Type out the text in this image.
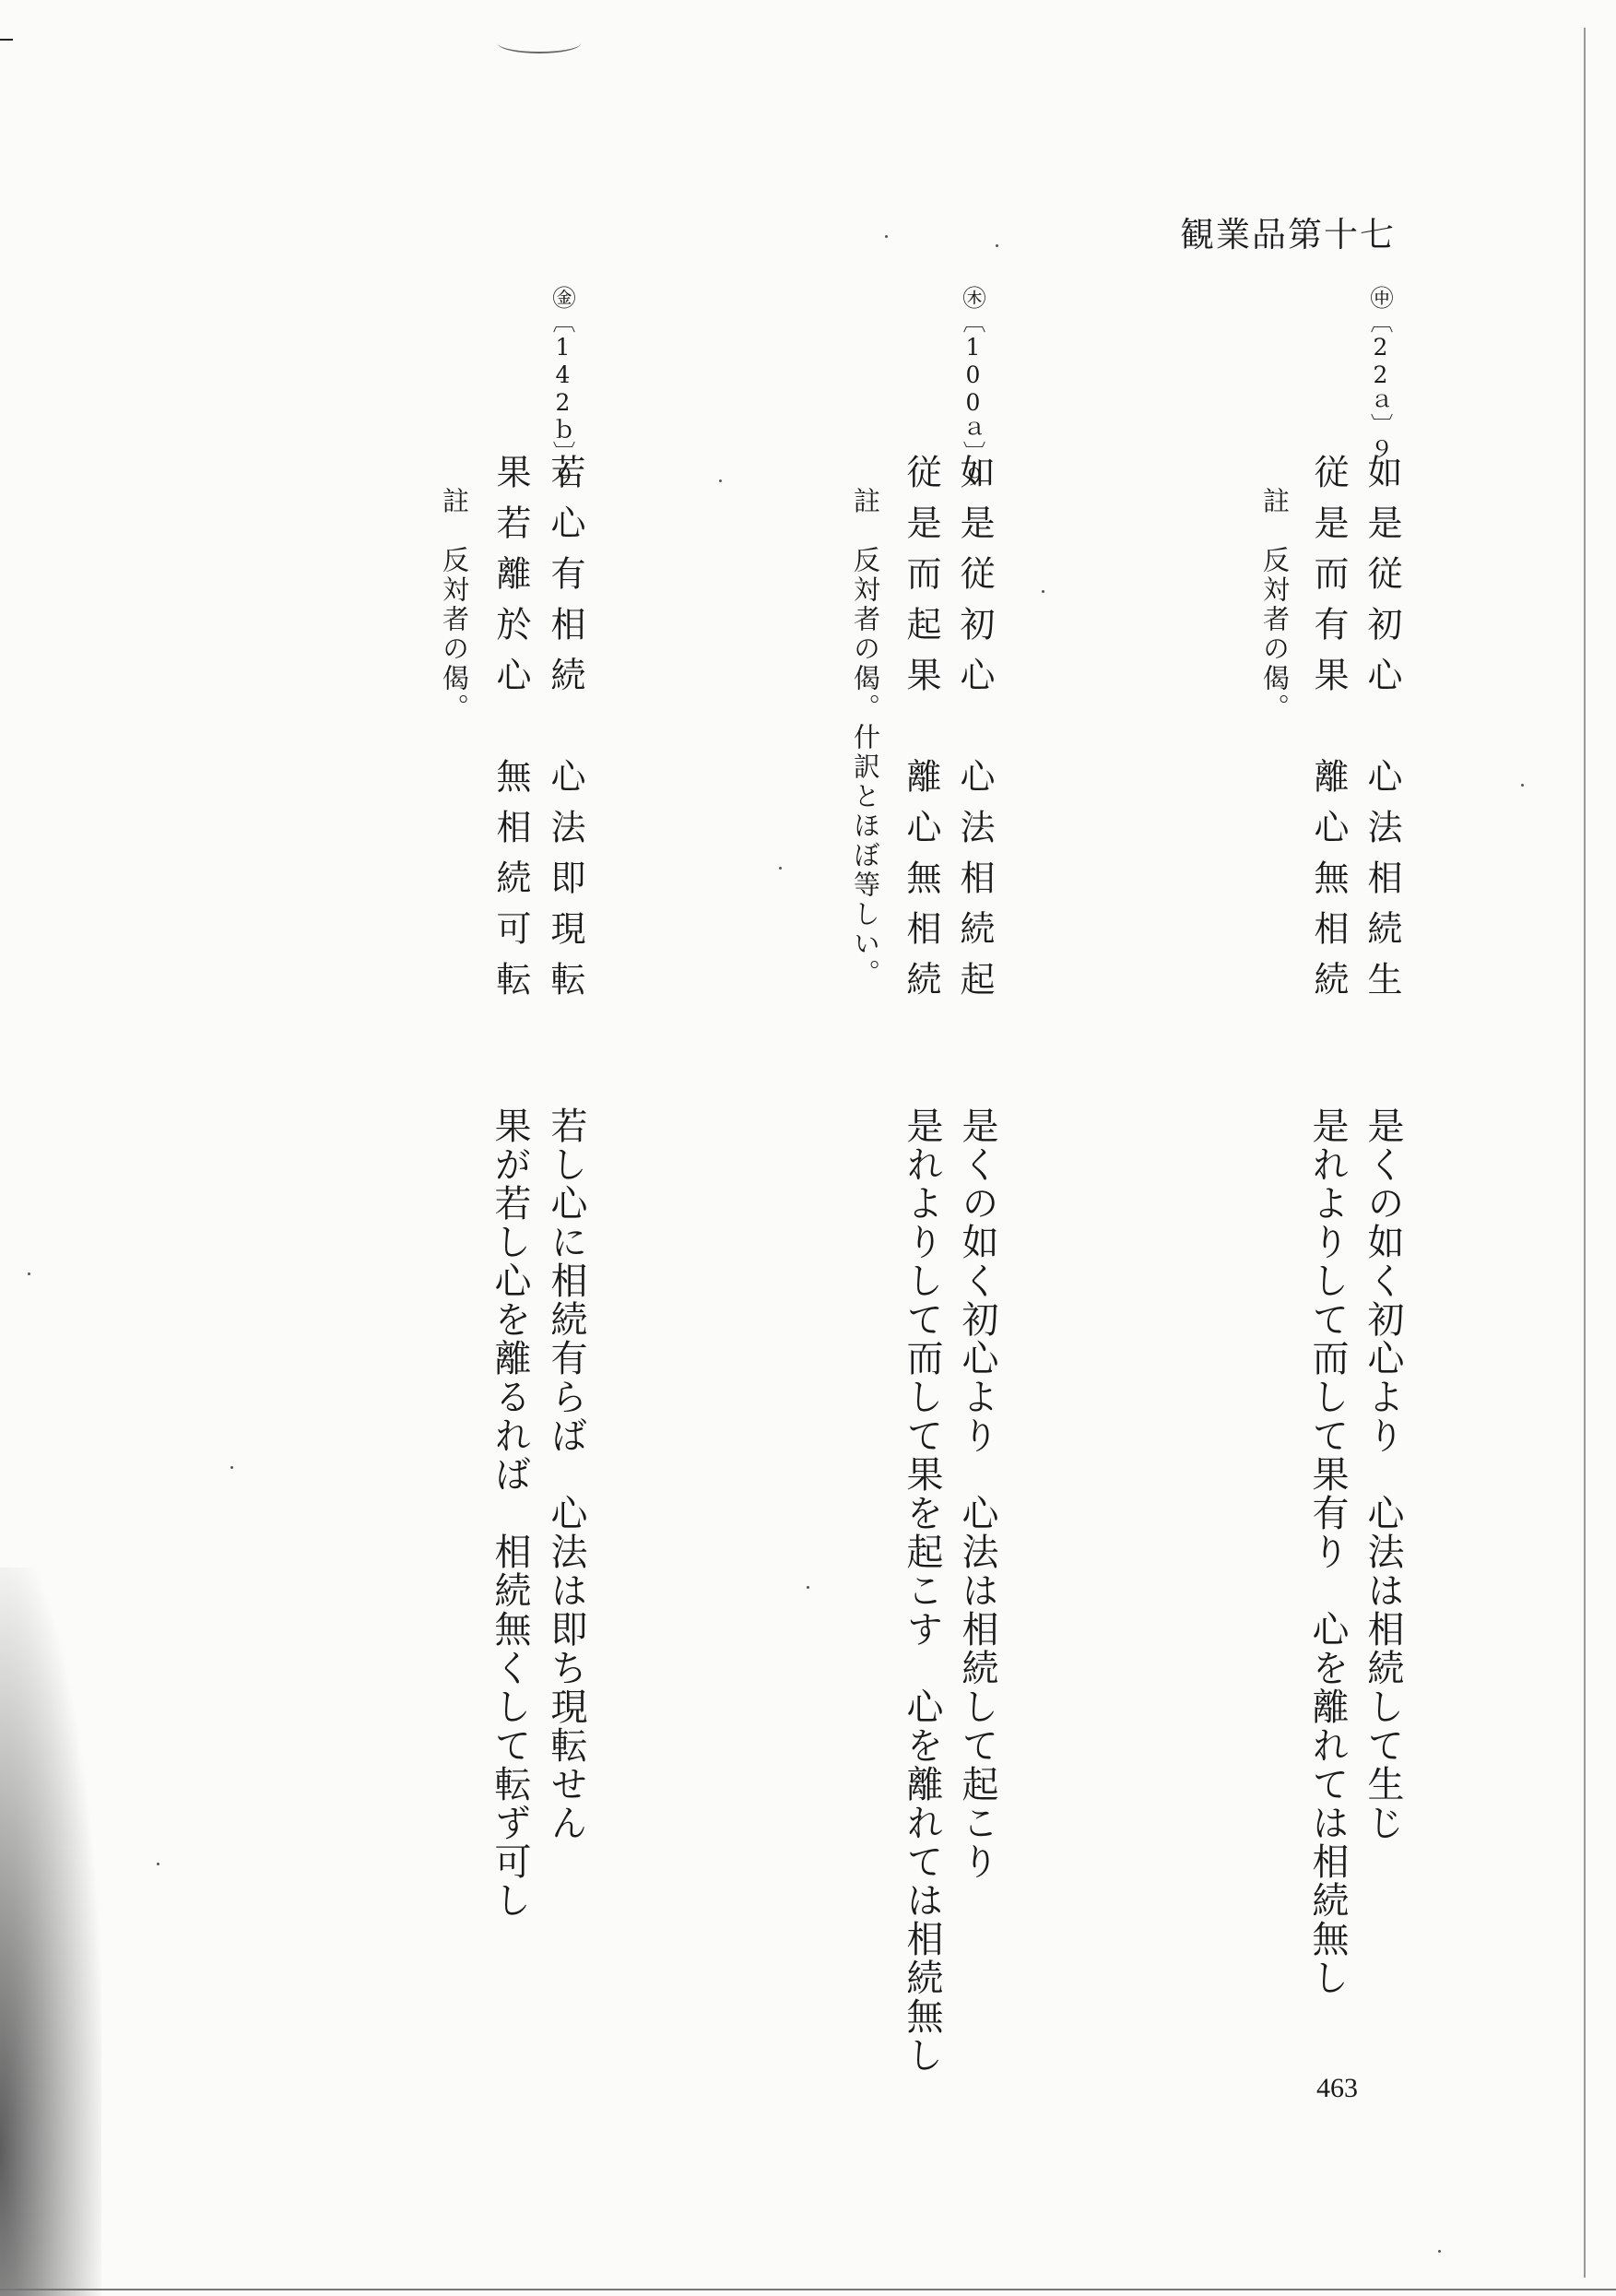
観業品第十七
㊥〔22ａ〕９
如是従初心　心法相続生
従是而有果　離心無相続
註　反対者の偈。
是くの如く初心より　心法は相続して生じ
是れよりして而して果有り　心を離れては相続無し
㊍〔100ａ〕９
如是従初心　心法相続起
従是而起果　離心無相続
註　反対者の偈。什訳とほぼ等しい。
是くの如く初心より　心法は相続して起こり
是れよりして而して果を起こす　心を離れては相続無し
㊎〔142ｂ〕９
若心有相続　心法即現転
果若離於心　無相続可転
註　反対者の偈。
若し心に相続有らば　心法は即ち現転せん
果が若し心を離るれば　相続無くして転ず可し
463
